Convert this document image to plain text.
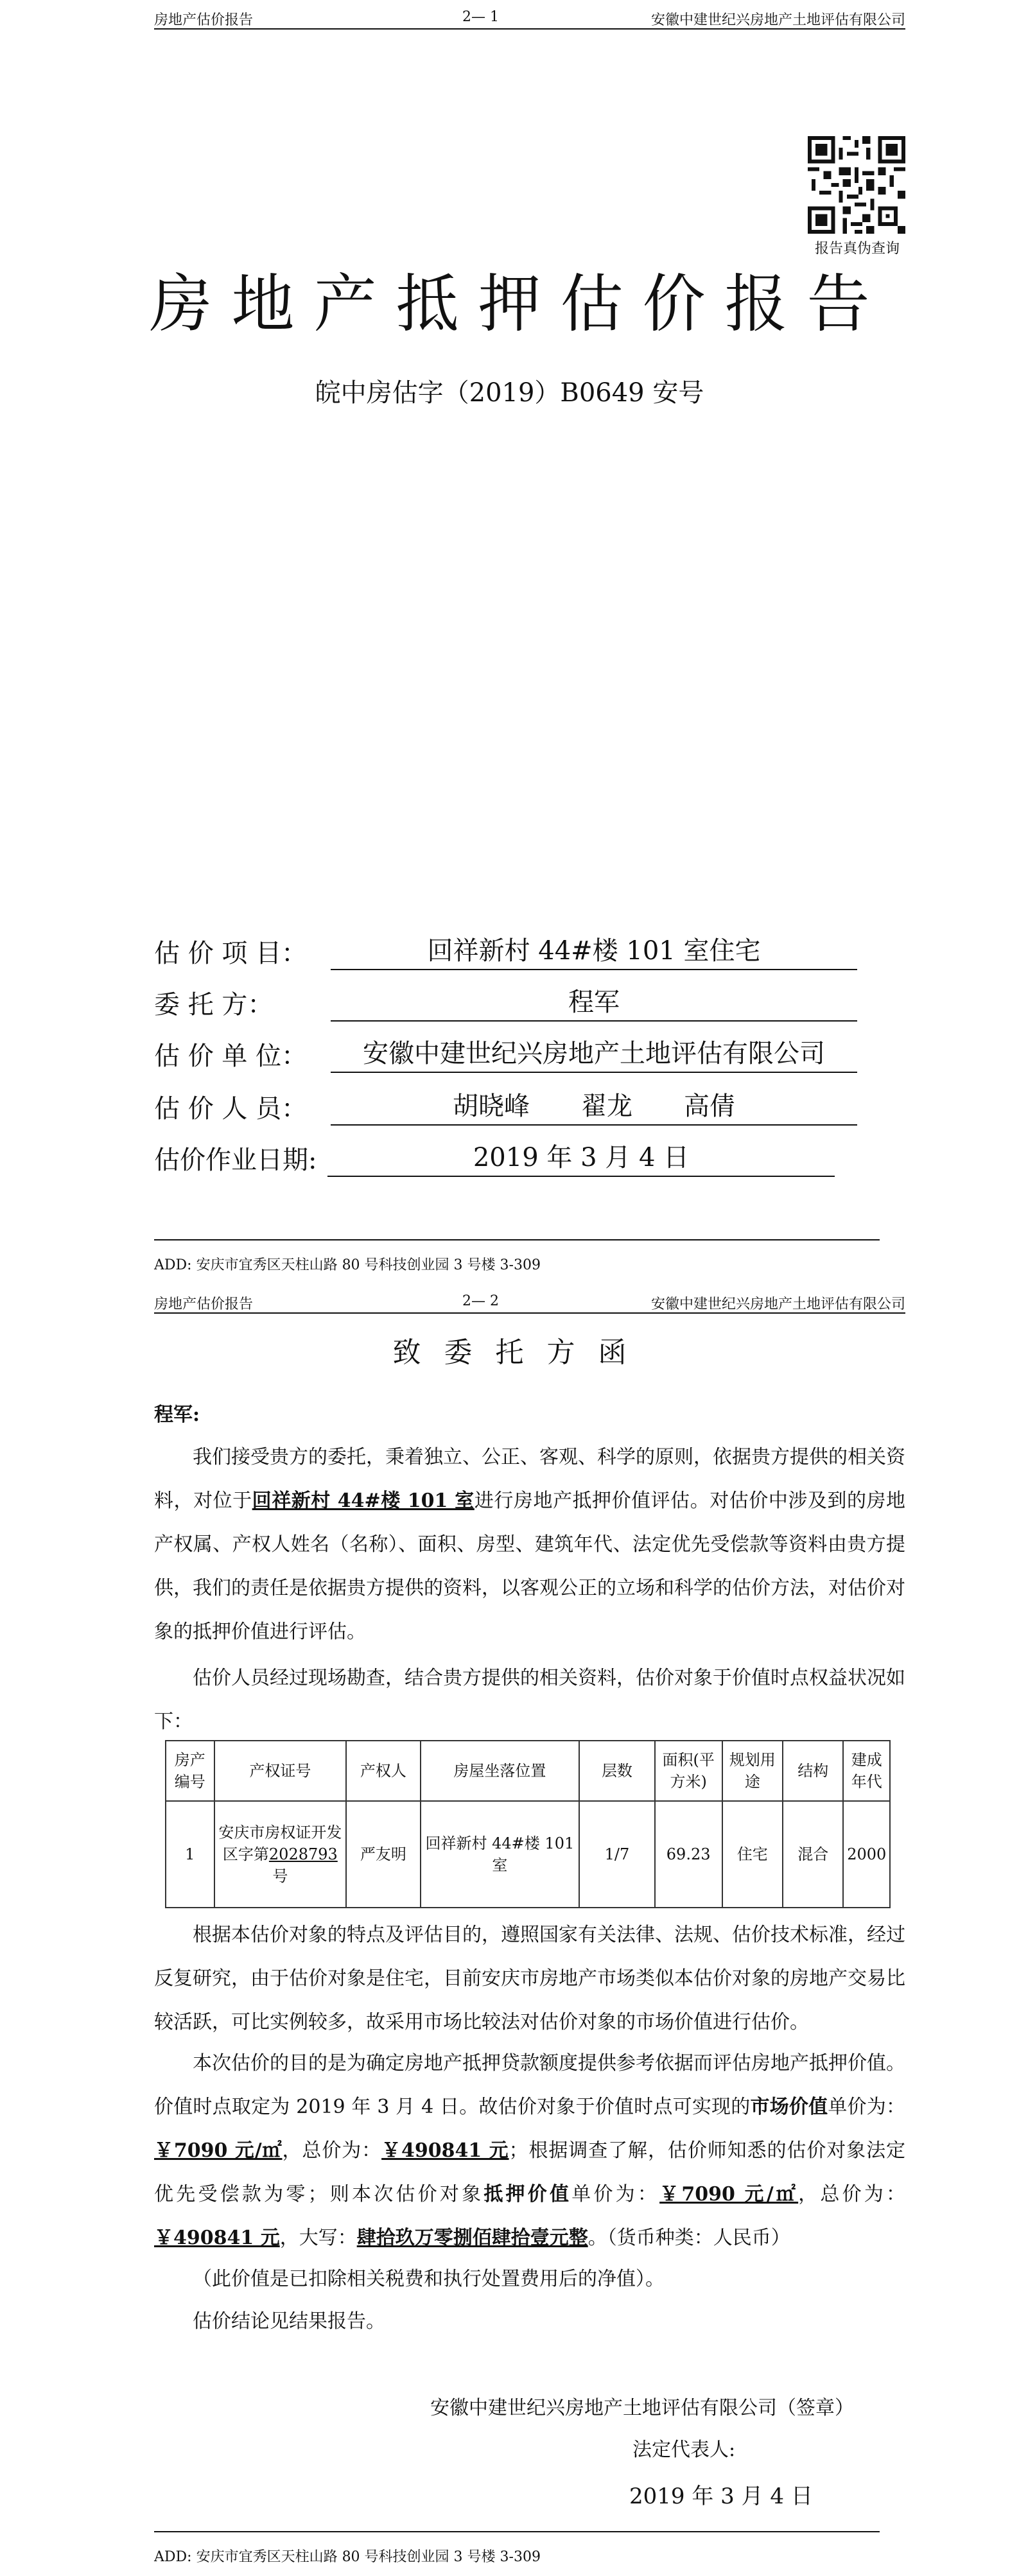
房地产估价报告	2— 1	安徽中建世纪兴房地产土地评估有限公司
报告真伪查询
房地产抵押估价报告
皖中房估字（2019）B0649 安号
估 价 项 目：	回祥新村 44#楼 101 室住宅
委 托 方：	程军
估 价 单 位：	安徽中建世纪兴房地产土地评估有限公司
估 价 人 员：	胡晓峰　　翟龙　　高倩
估价作业日期:	2019 年 3 月 4 日
ADD: 安庆市宜秀区天柱山路 80 号科技创业园 3 号楼 3-309
房地产估价报告	2— 2	安徽中建世纪兴房地产土地评估有限公司
致委托方函
程军:
我们接受贵方的委托，秉着独立、公正、客观、科学的原则，依据贵方提供的相关资料，对位于回祥新村 44#楼 101 室进行房地产抵押价值评估。对估价中涉及到的房地产权属、产权人姓名（名称）、面积、房型、建筑年代、法定优先受偿款等资料由贵方提供，我们的责任是依据贵方提供的资料，以客观公正的立场和科学的估价方法，对估价对象的抵押价值进行评估。
估价人员经过现场勘查，结合贵方提供的相关资料，估价对象于价值时点权益状况如下：
房产编号	产权证号	产权人	房屋坐落位置	层数	面积(平方米)	规划用途	结构	建成年代
1	安庆市房权证开发区字第2028793号	严友明	回祥新村 44#楼 101 室	1/7	69.23	住宅	混合	2000
根据本估价对象的特点及评估目的，遵照国家有关法律、法规、估价技术标准，经过反复研究，由于估价对象是住宅，目前安庆市房地产市场类似本估价对象的房地产交易比较活跃，可比实例较多，故采用市场比较法对估价对象的市场价值进行估价。
本次估价的目的是为确定房地产抵押贷款额度提供参考依据而评估房地产抵押价值。价值时点取定为 2019 年 3 月 4 日。故估价对象于价值时点可实现的市场价值单价为：￥7090 元/㎡，总价为：￥490841 元；根据调查了解，估价师知悉的估价对象法定优先受偿款为零；则本次估价对象抵押价值单价为：￥7090 元/㎡，总价为：￥490841 元，大写：肆拾玖万零捌佰肆拾壹元整。（货币种类：人民币）
（此价值是已扣除相关税费和执行处置费用后的净值）。
估价结论见结果报告。
安徽中建世纪兴房地产土地评估有限公司（签章）
法定代表人:
2019 年 3 月 4 日
ADD: 安庆市宜秀区天柱山路 80 号科技创业园 3 号楼 3-309
